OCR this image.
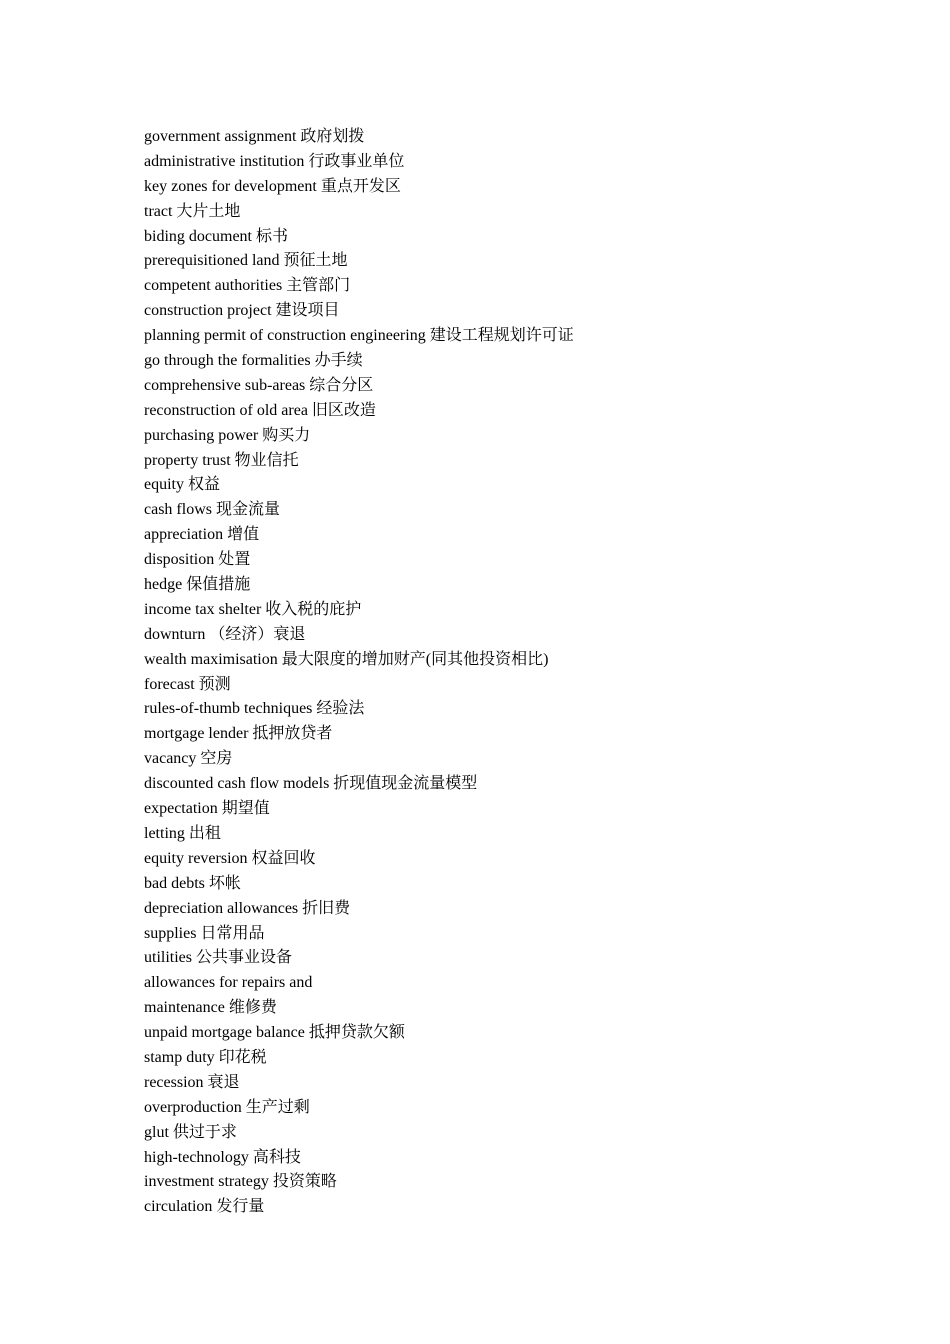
government assignment 政府划拨
administrative institution 行政事业单位
key zones for development 重点开发区
tract 大片土地
biding document 标书
prerequisitioned land 预征土地
competent authorities 主管部门
construction project 建设项目
planning permit of construction engineering 建设工程规划许可证
go through the formalities 办手续
comprehensive sub-areas 综合分区
reconstruction of old area 旧区改造
purchasing power 购买力
property trust 物业信托
equity 权益
cash flows 现金流量
appreciation 增值
disposition 处置
hedge 保值措施
income tax shelter 收入税的庇护
downturn （经济）衰退
wealth maximisation 最大限度的增加财产(同其他投资相比)
forecast 预测
rules-of-thumb techniques 经验法
mortgage lender 抵押放贷者
vacancy 空房
discounted cash flow models 折现值现金流量模型
expectation 期望值
letting 出租
equity reversion 权益回收
bad debts 坏帐
depreciation allowances 折旧费
supplies 日常用品
utilities 公共事业设备
allowances for repairs and
maintenance 维修费
unpaid mortgage balance 抵押贷款欠额
stamp duty 印花税
recession 衰退
overproduction 生产过剩
glut 供过于求
high-technology 高科技
investment strategy 投资策略
circulation 发行量
